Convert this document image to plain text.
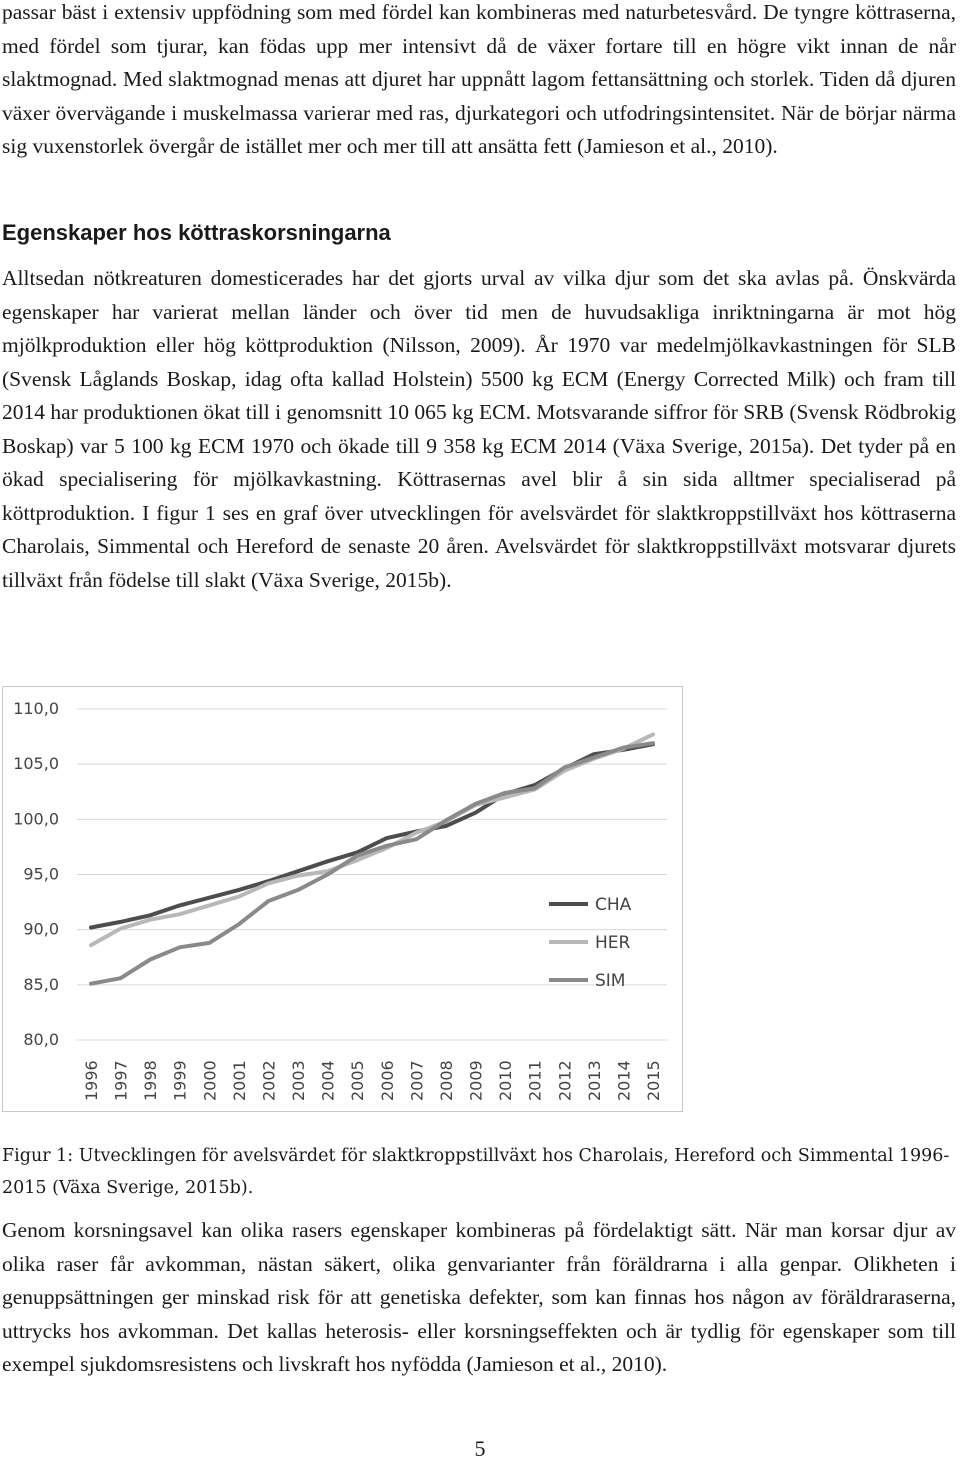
passar bäst i extensiv uppfödning som med fördel kan kombineras med naturbetesvård. De tyngre köttraserna, med fördel som tjurar, kan födas upp mer intensivt då de växer fortare till en högre vikt innan de når slaktmognad. Med slaktmognad menas att djuret har uppnått lagom fettansättning och storlek. Tiden då djuren växer övervägande i muskelmassa varierar med ras, djurkategori och utfodringsintensitet. När de börjar närma sig vuxenstorlek övergår de istället mer och mer till att ansätta fett (Jamieson et al., 2010).

Egenskaper hos köttraskorsningarna

Alltsedan nötkreaturen domesticerades har det gjorts urval av vilka djur som det ska avlas på. Önskvärda egenskaper har varierat mellan länder och över tid men de huvudsakliga inriktningarna är mot hög mjölkproduktion eller hög köttproduktion (Nilsson, 2009). År 1970 var medelmjölkavkastningen för SLB (Svensk Låglands Boskap, idag ofta kallad Holstein) 5500 kg ECM (Energy Corrected Milk) och fram till 2014 har produktionen ökat till i genomsnitt 10 065 kg ECM. Motsvarande siffror för SRB (Svensk Rödbrokig Boskap) var 5 100 kg ECM 1970 och ökade till 9 358 kg ECM 2014 (Växa Sverige, 2015a). Det tyder på en ökad specialisering för mjölkavkastning. Köttrasernas avel blir å sin sida alltmer specialiserad på köttproduktion. I figur 1 ses en graf över utvecklingen för avelsvärdet för slaktkroppstillväxt hos köttraserna Charolais, Simmental och Hereford de senaste 20 åren. Avelsvärdet för slaktkroppstillväxt motsvarar djurets tillväxt från födelse till slakt (Växa Sverige, 2015b).

80,0
85,0
90,0
95,0
100,0
105,0
110,0
1996 1997 1998 1999 2000 2001 2002 2003 2004 2005 2006 2007 2008 2009 2010 2011 2012 2013 2014 2015
CHA
HER
SIM

Figur 1: Utvecklingen för avelsvärdet för slaktkroppstillväxt hos Charolais, Hereford och Simmental 1996-2015 (Växa Sverige, 2015b).

Genom korsningsavel kan olika rasers egenskaper kombineras på fördelaktigt sätt. När man korsar djur av olika raser får avkomman, nästan säkert, olika genvarianter från föräldrarna i alla genpar. Olikheten i genuppsättningen ger minskad risk för att genetiska defekter, som kan finnas hos någon av föräldraraserna, uttrycks hos avkomman. Det kallas heterosis- eller korsningseffekten och är tydlig för egenskaper som till exempel sjukdomsresistens och livskraft hos nyfödda (Jamieson et al., 2010).

5
